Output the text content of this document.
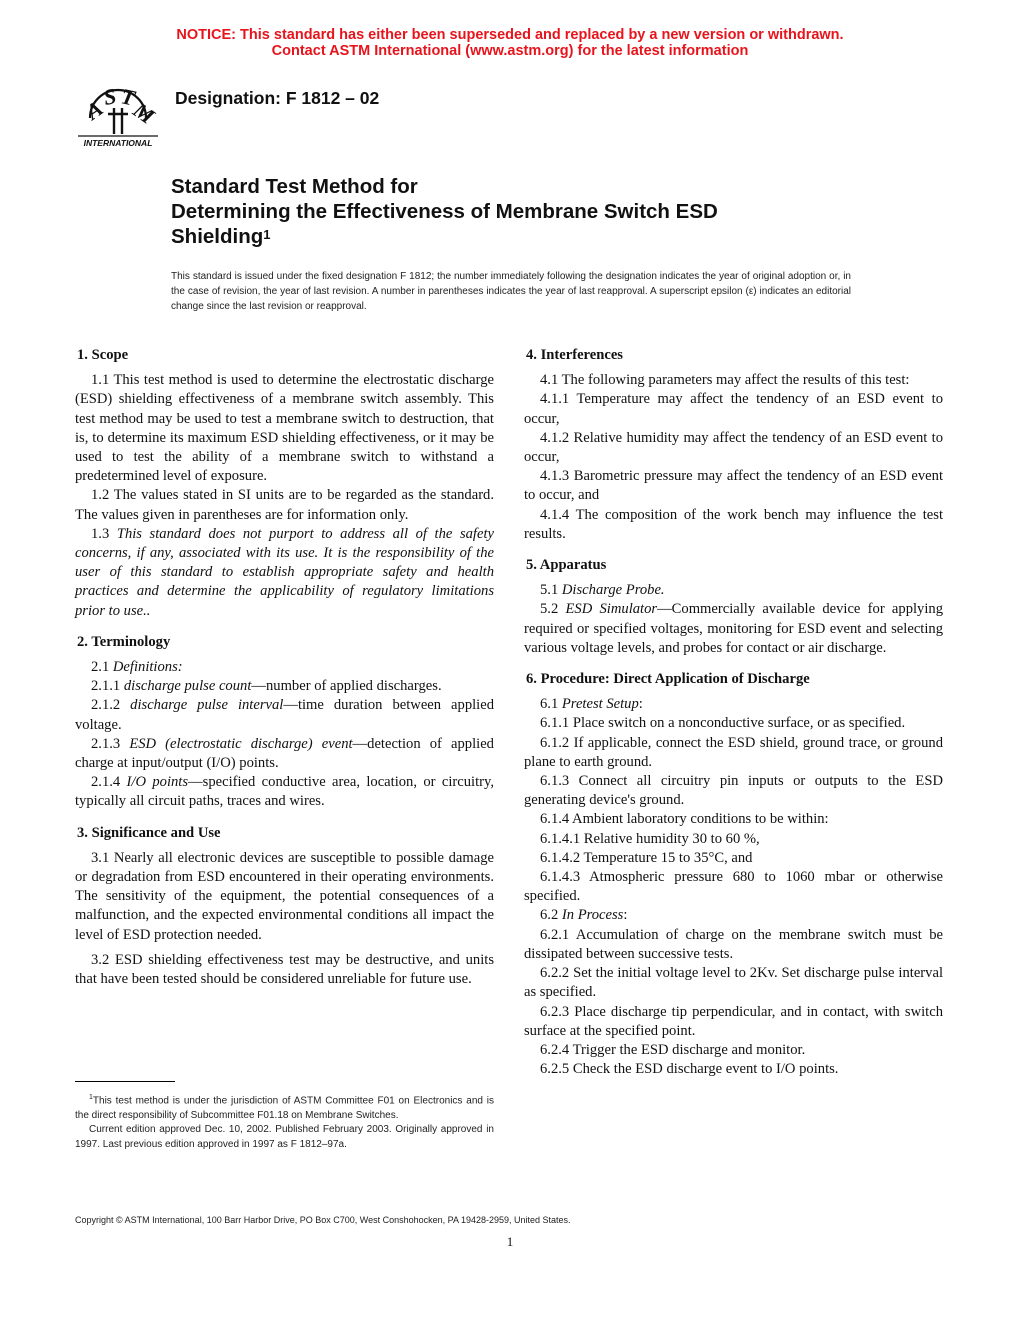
NOTICE: This standard has either been superseded and replaced by a new version or withdrawn.
Contact ASTM International (www.astm.org) for the latest information
A
S T
M
INTERNATIONAL
Designation: F 1812 – 02
Standard Test Method for
Determining the Effectiveness of Membrane Switch ESD
Shielding$^1$
This standard is issued under the fixed designation F 1812; the number immediately following the designation indicates the year of original adoption or, in the case of revision, the year of last revision. A number in parentheses indicates the year of last reapproval. A superscript epsilon (ε) indicates an editorial change since the last revision or reapproval.
1. Scope

1.1 This test method is used to determine the electrostatic discharge (ESD) shielding effectiveness of a membrane switch assembly. This test method may be used to test a membrane switch to destruction, that is, to determine its maximum ESD shielding effectiveness, or it may be used to test the ability of a membrane switch to withstand a predetermined level of exposure.

1.2 The values stated in SI units are to be regarded as the standard. The values given in parentheses are for information only.

1.3 This standard does not purport to address all of the safety concerns, if any, associated with its use. It is the responsibility of the user of this standard to establish appropriate safety and health practices and determine the applicability of regulatory limitations prior to use..

2. Terminology

2.1 Definitions:

2.1.1 discharge pulse count—number of applied discharges.

2.1.2 discharge pulse interval—time duration between applied voltage.

2.1.3 ESD (electrostatic discharge) event—detection of applied charge at input/output (I/O) points.

2.1.4 I/O points—specified conductive area, location, or circuitry, typically all circuit paths, traces and wires.

3. Significance and Use

3.1 Nearly all electronic devices are susceptible to possible damage or degradation from ESD encountered in their operating environments. The sensitivity of the equipment, the potential consequences of a malfunction, and the expected environmental conditions all impact the level of ESD protection needed.

3.2 ESD shielding effectiveness test may be destructive, and units that have been tested should be considered unreliable for future use.

4. Interferences

4.1 The following parameters may affect the results of this test:

4.1.1 Temperature may affect the tendency of an ESD event to occur,

4.1.2 Relative humidity may affect the tendency of an ESD event to occur,

4.1.3 Barometric pressure may affect the tendency of an ESD event to occur, and

4.1.4 The composition of the work bench may influence the test results.

5. Apparatus

5.1 Discharge Probe.

5.2 ESD Simulator—Commercially available device for applying required or specified voltages, monitoring for ESD event and selecting various voltage levels, and probes for contact or air discharge.

6. Procedure: Direct Application of Discharge

6.1 Pretest Setup:

6.1.1 Place switch on a nonconductive surface, or as specified.

6.1.2 If applicable, connect the ESD shield, ground trace, or ground plane to earth ground.

6.1.3 Connect all circuitry pin inputs or outputs to the ESD generating device's ground.

6.1.4 Ambient laboratory conditions to be within:

6.1.4.1 Relative humidity 30 to 60 %,

6.1.4.2 Temperature 15 to 35°C, and

6.1.4.3 Atmospheric pressure 680 to 1060 mbar or otherwise specified.

6.2 In Process:

6.2.1 Accumulation of charge on the membrane switch must be dissipated between successive tests.

6.2.2 Set the initial voltage level to 2Kv. Set discharge pulse interval as specified.

6.2.3 Place discharge tip perpendicular, and in contact, with switch surface at the specified point.

6.2.4 Trigger the ESD discharge and monitor.

6.2.5 Check the ESD discharge event to I/O points.

$^1$This test method is under the jurisdiction of ASTM Committee F01 on Electronics and is the direct responsibility of Subcommittee F01.18 on Membrane Switches.

Current edition approved Dec. 10, 2002. Published February 2003. Originally approved in 1997. Last previous edition approved in 1997 as F 1812–97a.

Copyright © ASTM International, 100 Barr Harbor Drive, PO Box C700, West Conshohocken, PA 19428-2959, United States.
1
